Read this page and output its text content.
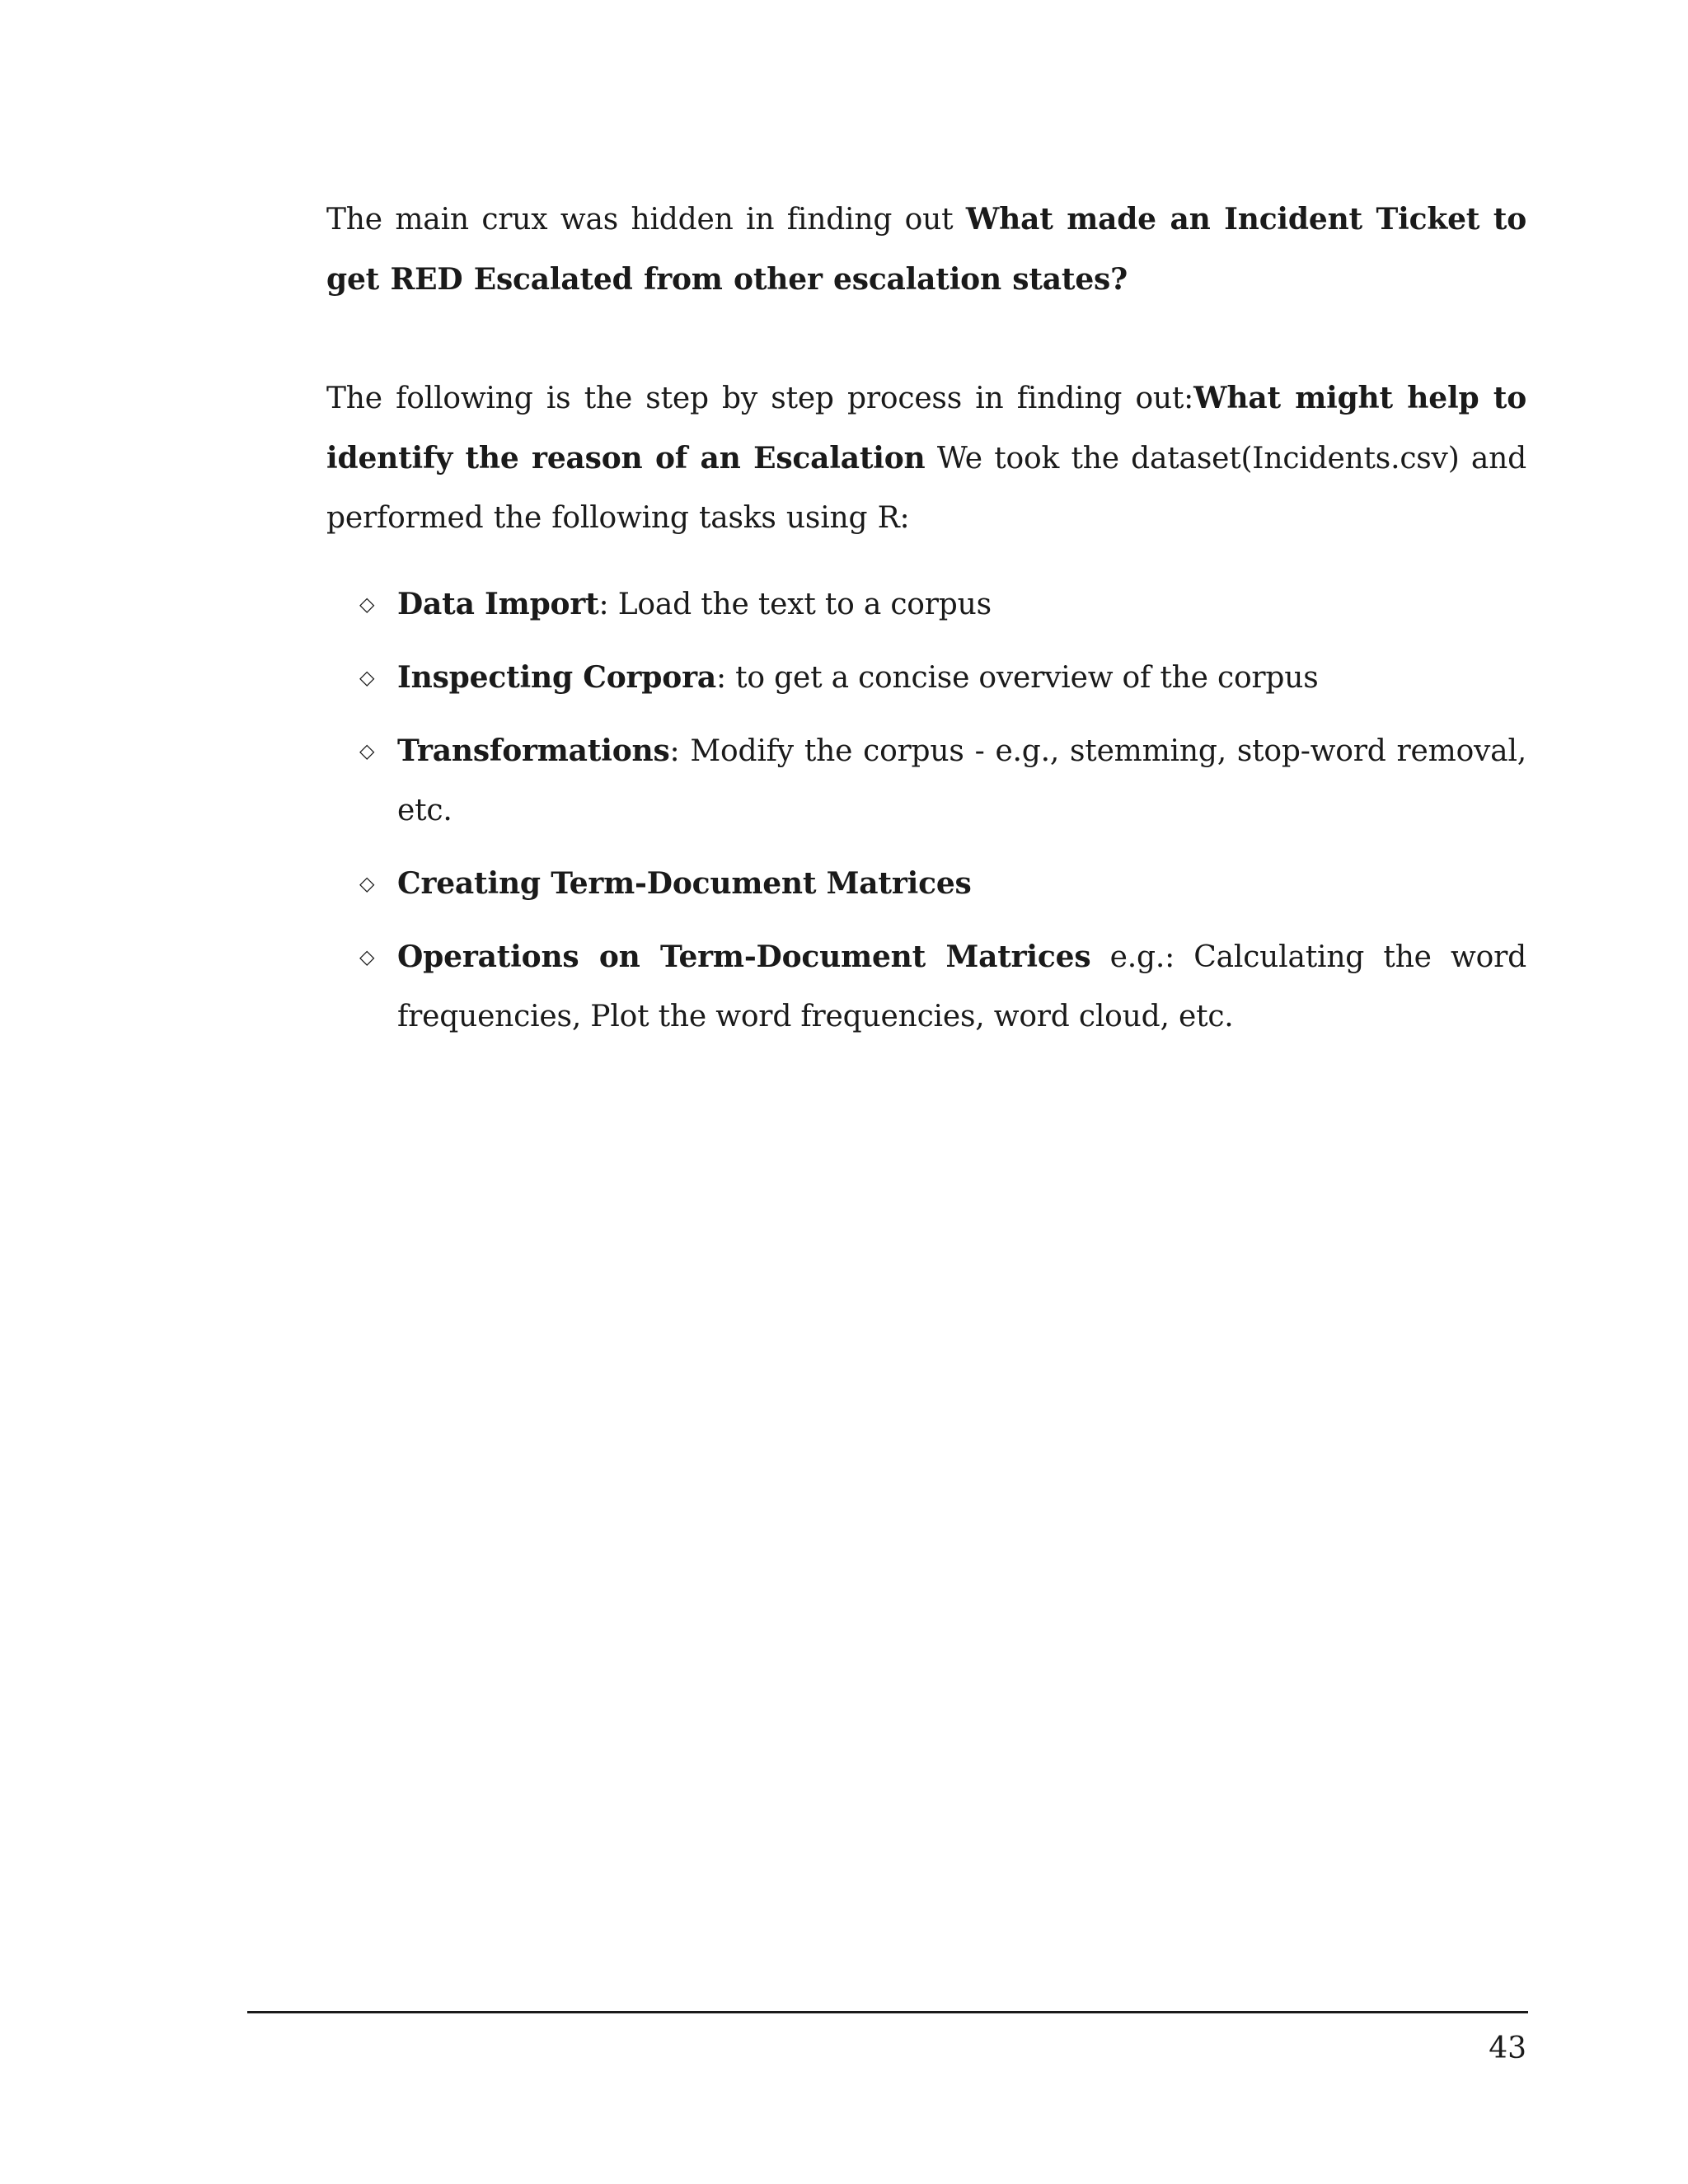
The main crux was hidden in finding out What made an Incident Ticket to get RED Escalated from other escalation states?

The following is the step by step process in finding out:What might help to identify the reason of an Escalation We took the dataset(Incidents.csv) and performed the following tasks using R:

◇ Data Import: Load the text to a corpus
◇ Inspecting Corpora: to get a concise overview of the corpus
◇ Transformations: Modify the corpus - e.g., stemming, stop-word removal, etc.
◇ Creating Term-Document Matrices
◇ Operations on Term-Document Matrices e.g.: Calculating the word frequencies, Plot the word frequencies, word cloud, etc.
43
